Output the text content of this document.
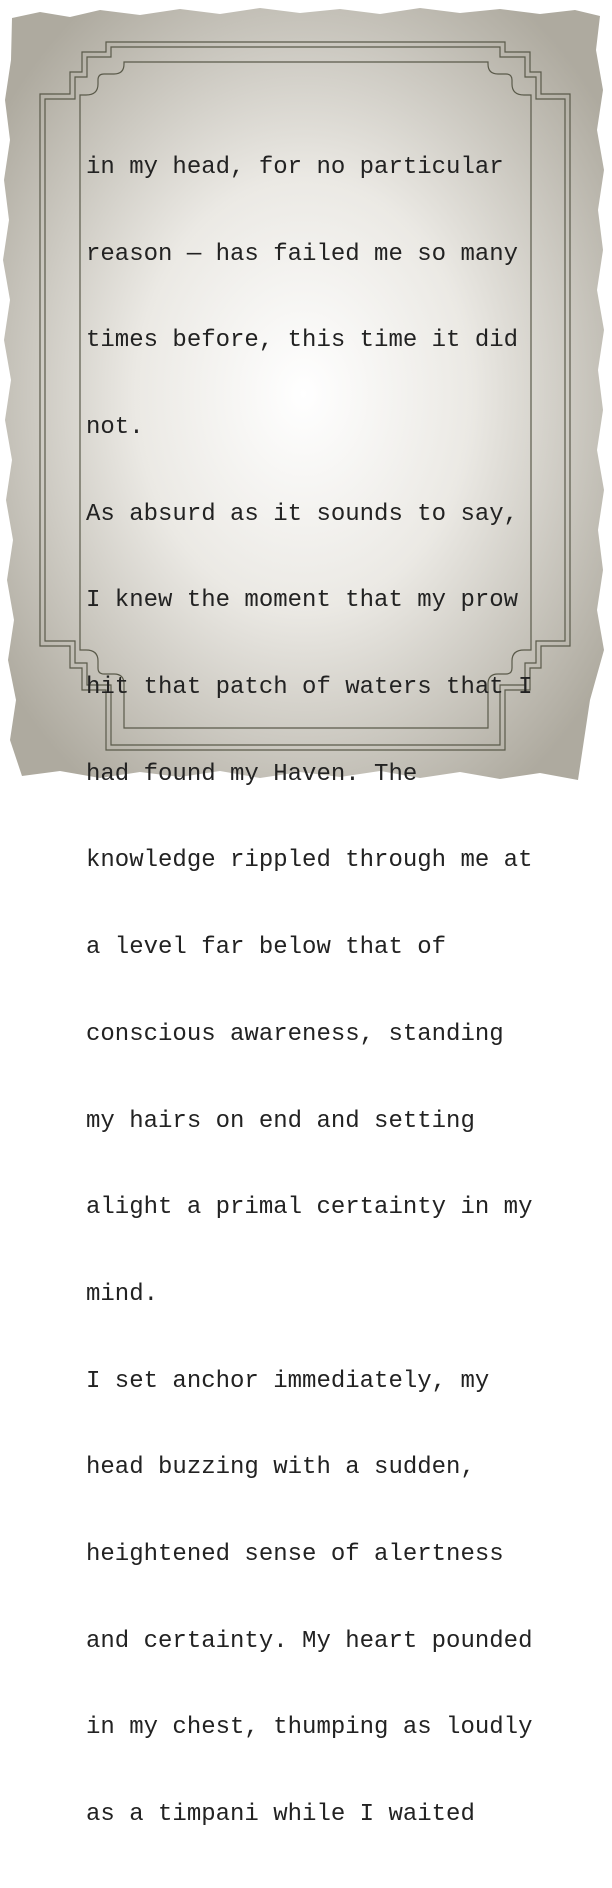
in my head, for no particular

reason — has failed me so many

times before, this time it did

not.

As absurd as it sounds to say,

I knew the moment that my prow

hit that patch of waters that I

had found my Haven. The

knowledge rippled through me at

a level far below that of

conscious awareness, standing

my hairs on end and setting

alight a primal certainty in my

mind.

I set anchor immediately, my

head buzzing with a sudden,

heightened sense of alertness

and certainty. My heart pounded

in my chest, thumping as loudly

as a timpani while I waited
